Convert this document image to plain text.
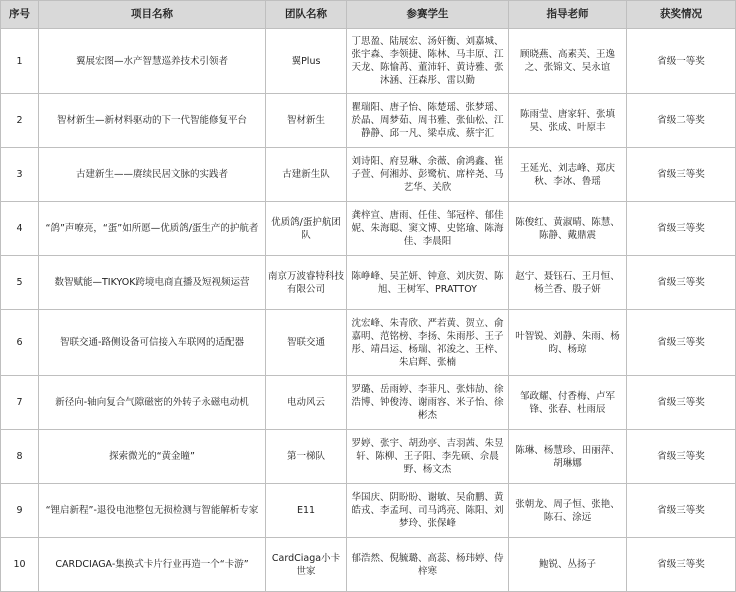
序号	项目名称	团队名称	参赛学生	指导老师	获奖情况
1	翼展宏图—水产智慧巡养技术引领者	翼Plus	丁思盈、陆展宏、汤奸衡、刘嘉城、张宇森、李领捷、陈林、马丰原、江天龙、陈愉苒、董沛轩、黄诗雅、张沐涵、汪森彤、雷以勤	顾晓燕、高素芙、王逸之、张锦文、吴永谊	省级一等奖
2	智材新生—新材料驱动的下一代智能修复平台	智材新生	瞿瑞阳、唐子怡、陈楚瑶、张梦瑶、於晶、周梦茹、周书雅、张仙松、江静静、邱一凡、梁卓成、蔡宇汇	陈雨莹、唐家轩、张填昊、张成、叶原丰	省级二等奖
3	古建新生——赓续民居文脉的实践者	古建新生队	刘诗阳、府昱琳、余薇、俞鸿鑫、崔子萱、何湘苏、彭鹭杭、席梓尧、马艺华、关欣	王延光、刘志峰、郑庆秋、李冰、鲁瑶	省级三等奖
4	“鸽”声嘹亮，“蛋”如所愿—优质鸽/蛋生产的护航者	优质鸽/蛋护航团队	龚梓宣、唐雨、任佳、邹冠梓、郁佳妮、朱海聪、窦文博、史铭瑜、陈海佳、李晨阳	陈俊红、黄淑晴、陈慧、陈静、戴鼎震	省级三等奖
5	数智赋能—TIKYOK跨境电商直播及短视频运营	南京万波睿特科技有限公司	陈峥峰、吴芷妍、钟意、刘庆贺、陈旭、王树军、PRATTOY	赵宁、聂钰石、王月恒、杨兰香、殷子妍	省级三等奖
6	智联交通-路侧设备可信接入车联网的适配器	智联交通	沈宏峰、朱青欣、严若黄、贺立、俞嘉明、范铭榜、李扬、朱雨彤、王子彤、靖昌运、杨瑞、祁浚之、王梓、朱启辉、张楠	叶智锐、刘静、朱雨、杨昀、杨琼	省级三等奖
7	新径向-轴向复合气隙磁密的外转子永磁电动机	电动风云	罗璐、岳雨婷、李菲凡、张炜劼、徐浩博、钟俊涛、谢雨容、米子怡、徐彬杰	邹政耀、付香梅、卢军锋、张春、杜雨辰	省级三等奖
8	探索微光的“黄金瞳”	第一梯队	罗婷、张宇、胡劲亭、吉羽茜、朱昱轩、陈柳、王子阳、李先硕、佘晨野、杨文杰	陈琳、杨慧珍、田丽萍、胡琳娜	省级三等奖
9	“锂启新程”-退役电池整包无损检测与智能解析专家	E11	华国庆、阴盼盼、谢敏、吴俞鹏、黄皓戎、李孟珂、司马鸿亮、陈阳、刘梦玲、张保峰	张朝龙、周子恒、张艳、陈石、涂远	省级三等奖
10	CARDCIAGA-集换式卡片行业再造一个“卡游”	CardCiaga小卡世家	郁浩然、倪毓璐、高蕊、杨玮婷、侍梓寒	鲍锐、丛扬子	省级三等奖
